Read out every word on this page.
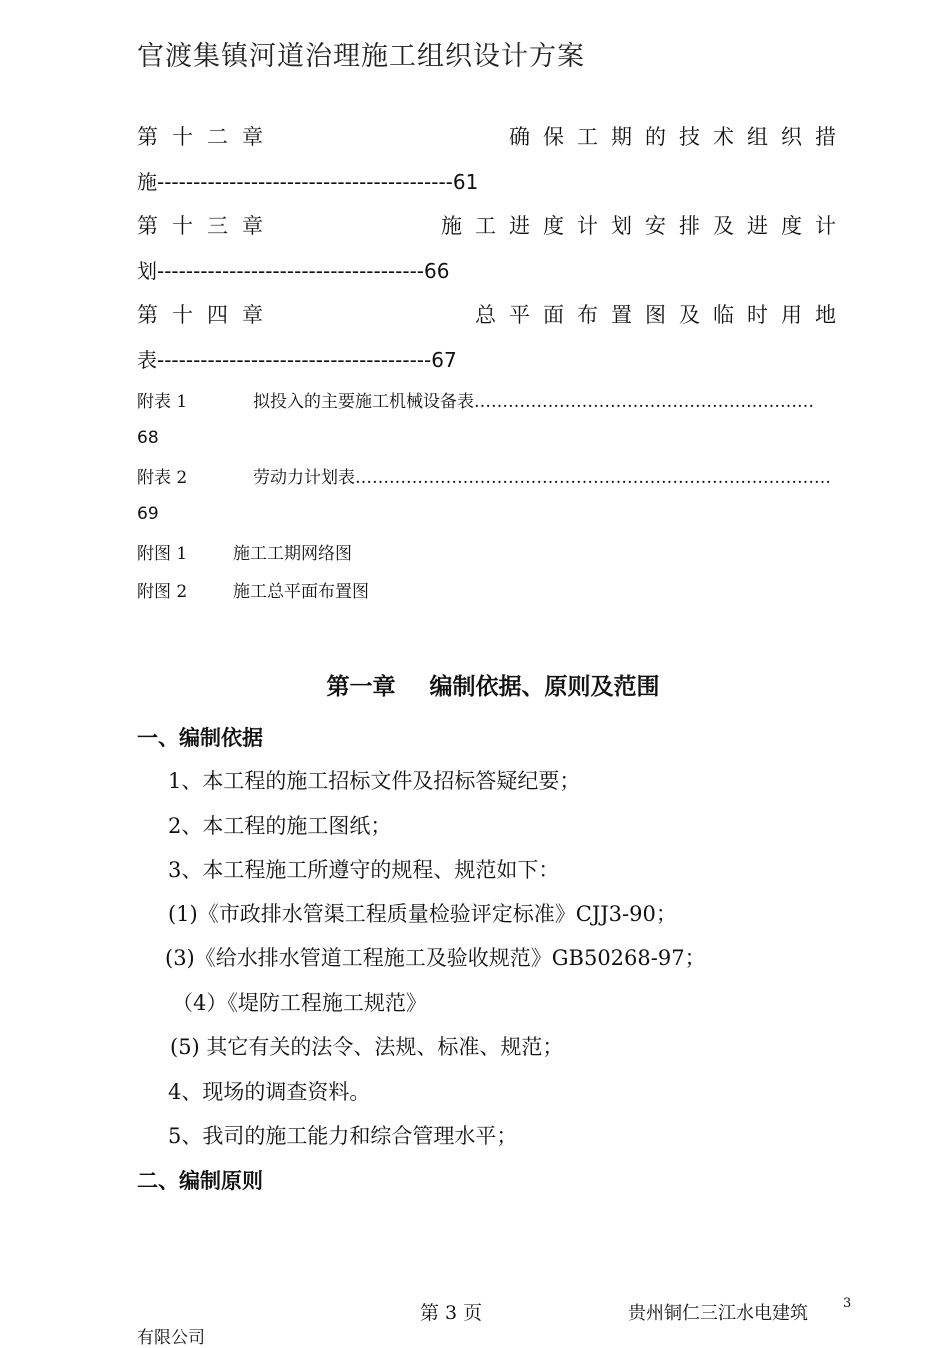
官渡集镇河道治理施工组织设计方案
第十二章	确保工期的技术组织措
施-----------------------------------------61
第十三章	施工进度计划安排及进度计
划-------------------------------------66
第十四章	总平面布置图及临时用地
表--------------------------------------67
附表 1	拟投入的主要施工机械设备表……………………………………………………
68
附表 2	劳动力计划表…………………………………………………………………………
69
附图 1	施工工期网络图
附图 2	施工总平面布置图
第一章 编制依据、原则及范围
一、编制依据
1、本工程的施工招标文件及招标答疑纪要；
2、本工程的施工图纸；
3、本工程施工所遵守的规程、规范如下：
(1)《市政排水管渠工程质量检验评定标准》CJJ3-90；
(3)《给水排水管道工程施工及验收规范》GB50268-97；
（4）《堤防工程施工规范》
(5) 其它有关的法令、法规、标准、规范；
4、现场的调查资料。
5、我司的施工能力和综合管理水平；
二、编制原则
第 3 页	贵州铜仁三江水电建筑	3
有限公司
